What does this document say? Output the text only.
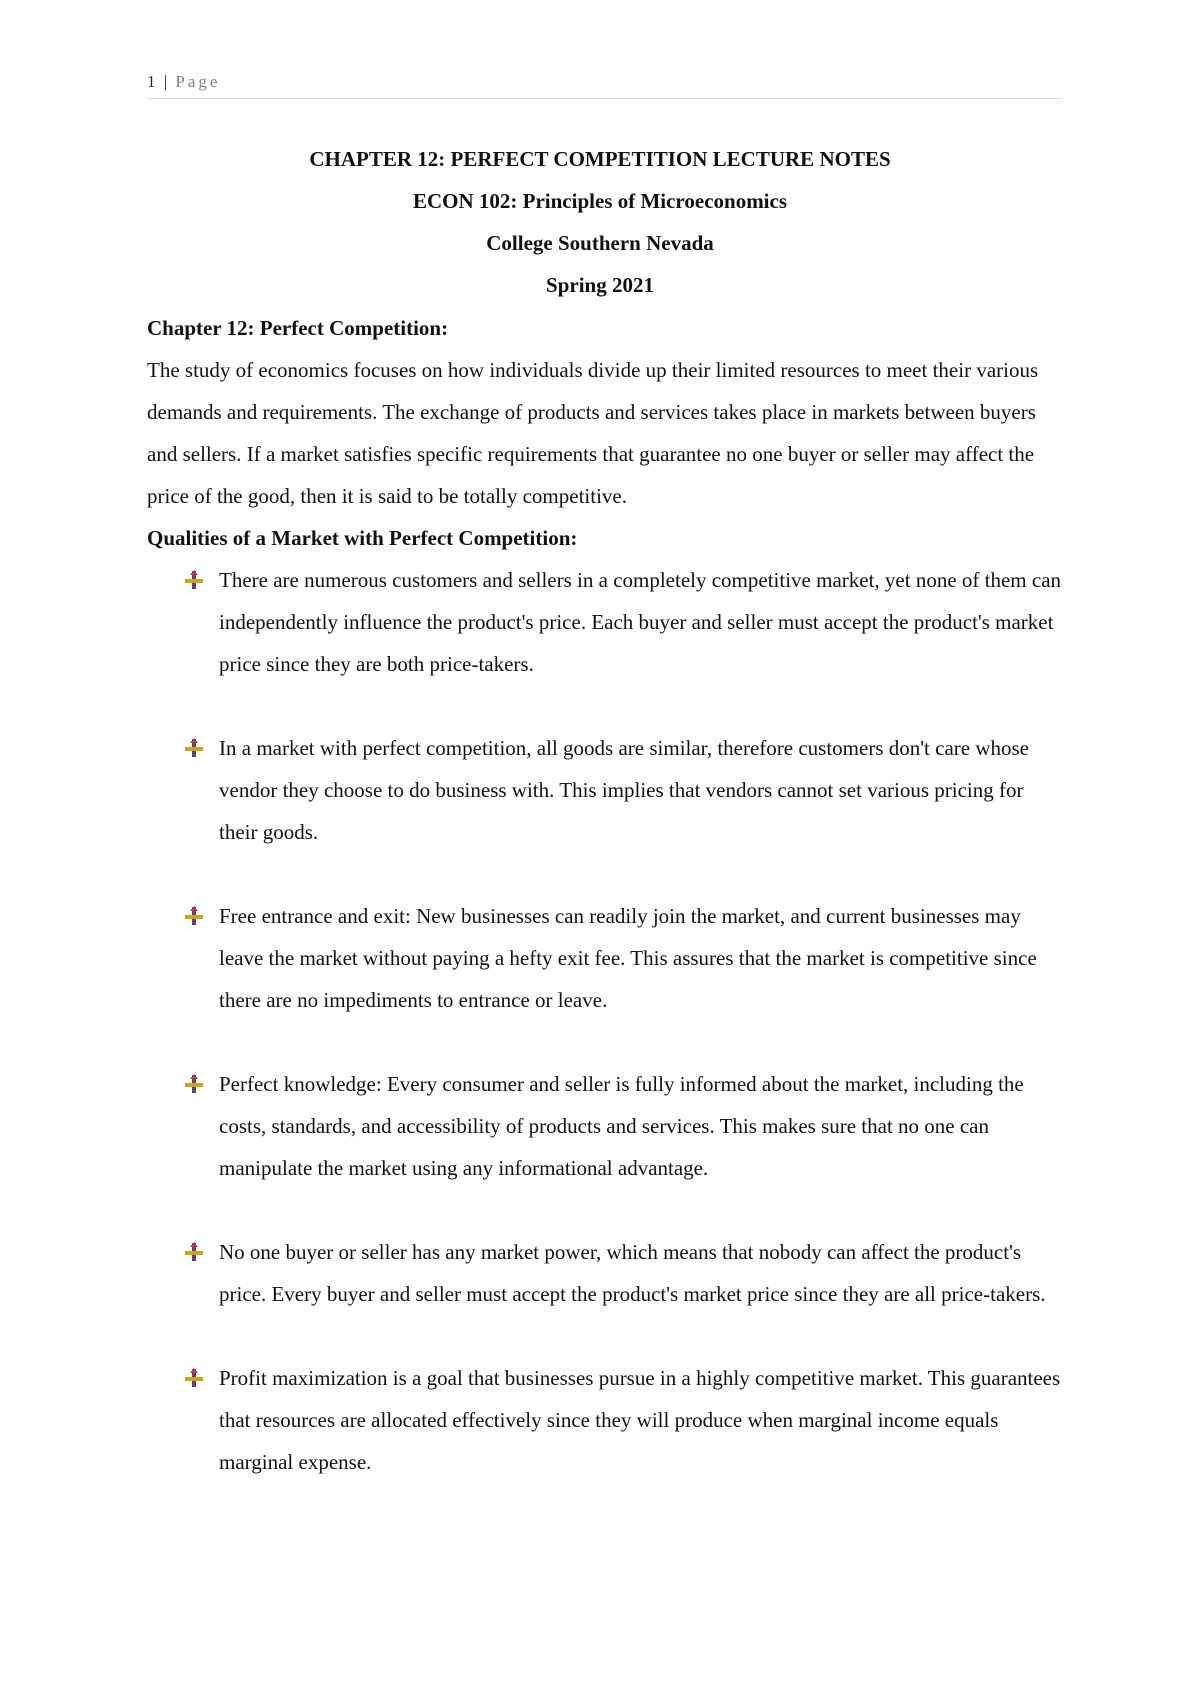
1 | Page
CHAPTER 12: PERFECT COMPETITION LECTURE NOTES
ECON 102: Principles of Microeconomics
College Southern Nevada
Spring 2021
Chapter 12: Perfect Competition:

The study of economics focuses on how individuals divide up their limited resources to meet their various demands and requirements. The exchange of products and services takes place in markets between buyers and sellers. If a market satisfies specific requirements that guarantee no one buyer or seller may affect the price of the good, then it is said to be totally competitive.

Qualities of a Market with Perfect Competition:
There are numerous customers and sellers in a completely competitive market, yet none of them can independently influence the product's price. Each buyer and seller must accept the product's market price since they are both price-takers.
In a market with perfect competition, all goods are similar, therefore customers don't care whose vendor they choose to do business with. This implies that vendors cannot set various pricing for their goods.
Free entrance and exit: New businesses can readily join the market, and current businesses may leave the market without paying a hefty exit fee. This assures that the market is competitive since there are no impediments to entrance or leave.
Perfect knowledge: Every consumer and seller is fully informed about the market, including the costs, standards, and accessibility of products and services. This makes sure that no one can manipulate the market using any informational advantage.
No one buyer or seller has any market power, which means that nobody can affect the product's price. Every buyer and seller must accept the product's market price since they are all price-takers.
Profit maximization is a goal that businesses pursue in a highly competitive market. This guarantees that resources are allocated effectively since they will produce when marginal income equals marginal expense.
